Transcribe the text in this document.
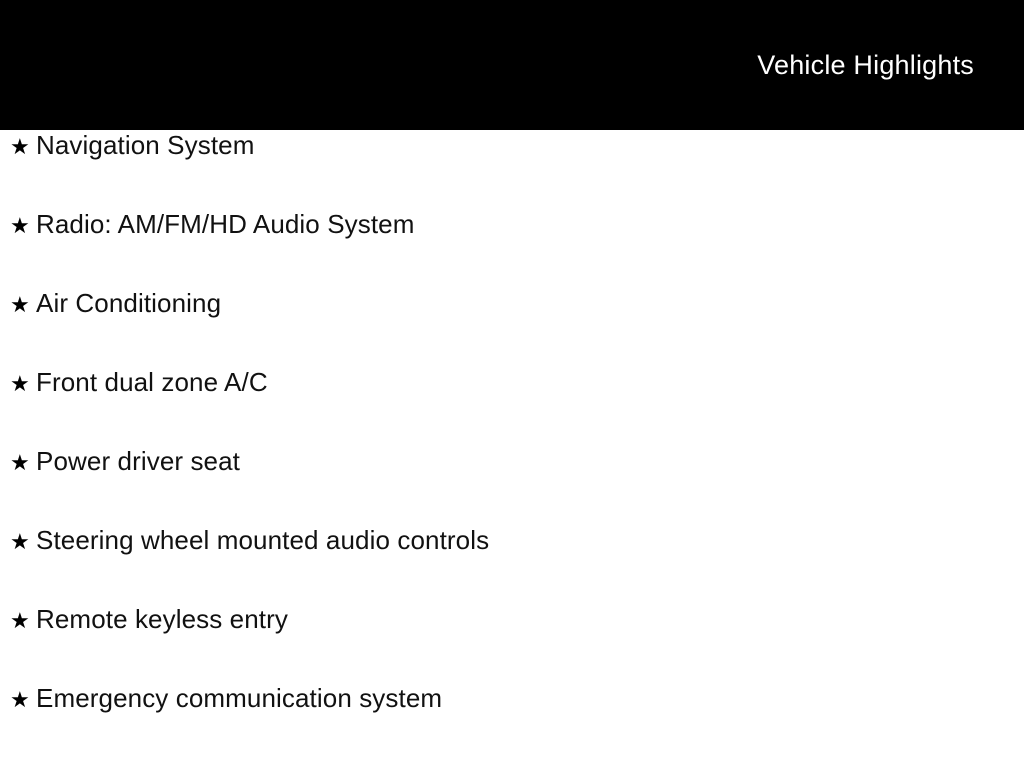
Vehicle Highlights
★ Navigation System
★ Radio: AM/FM/HD Audio System
★ Air Conditioning
★ Front dual zone A/C
★ Power driver seat
★ Steering wheel mounted audio controls
★ Remote keyless entry
★ Emergency communication system
